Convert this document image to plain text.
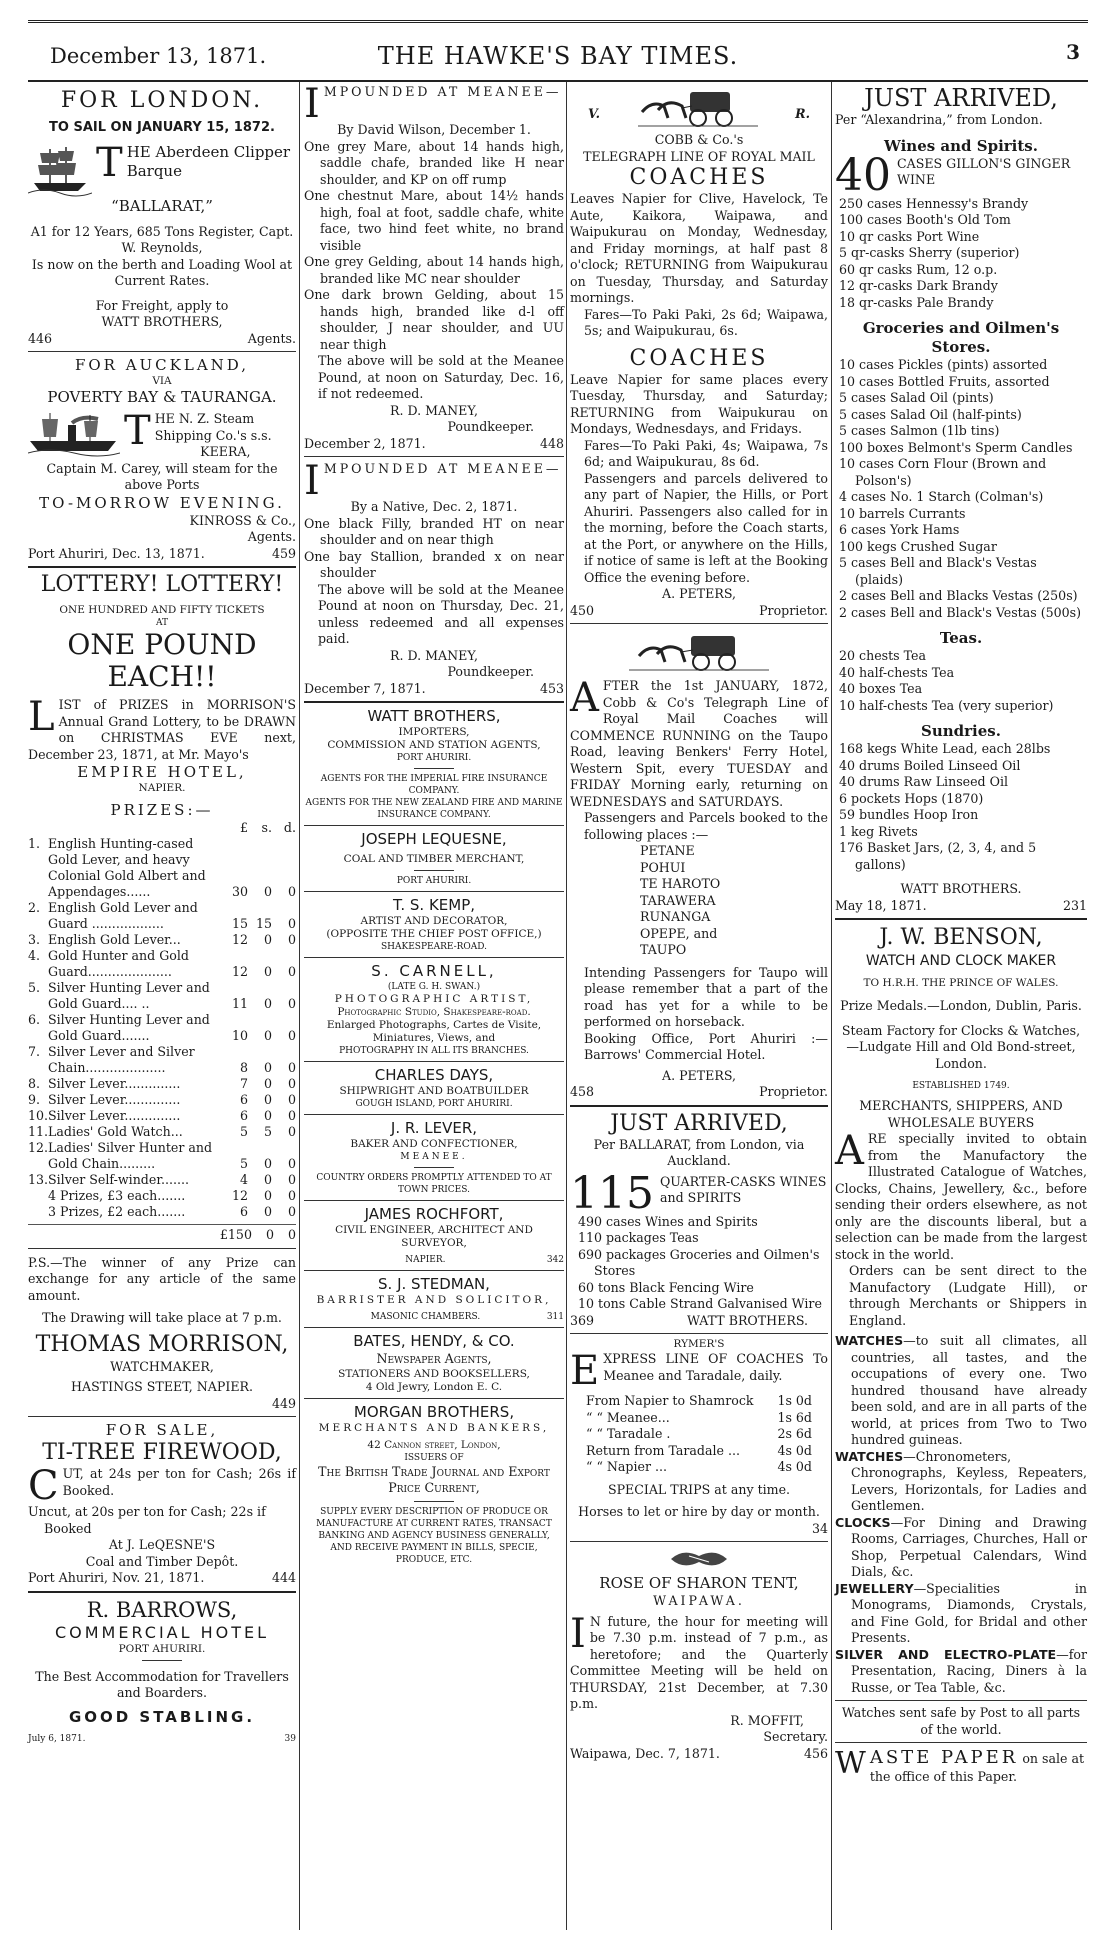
December 13, 1871.	THE HAWKE'S BAY TIMES.	3
FOR LONDON.
TO SAIL ON JANUARY 15, 1872.
T HE Aberdeen Clipper Barque
“BALLARAT,”
A1 for 12 Years, 685 Tons Register, Capt. W. Reynolds,
Is now on the berth and Loading Wool at Current Rates.
For Freight, apply to
WATT BROTHERS,
446	Agents.
FOR AUCKLAND,
VIA
POVERTY BAY & TAURANGA.
T HE N. Z. Steam Shipping Co.'s s.s.
KEERA,
Captain M. Carey, will steam for the above Ports
TO-MORROW EVENING.
KINROSS & Co.,
Agents.
Port Ahuriri, Dec. 13, 1871.	459
LOTTERY! LOTTERY!
ONE HUNDRED AND FIFTY TICKETS
AT
ONE POUND EACH!!
LIST of PRIZES in MORRISON'S Annual Grand Lottery, to be DRAWN on CHRISTMAS EVE next, December 23, 1871, at Mr. Mayo's
EMPIRE HOTEL,
NAPIER.
PRIZES:—
		£	s.	d.
1.	English Hunting-cased Gold Lever, and heavy Colonial Gold Albert and Appendages......	30	0	0
2.	English Gold Lever and Guard ..................	15	15	0
3.	English Gold Lever...	12	0	0
4.	Gold Hunter and Gold Guard.....................	12	0	0
5.	Silver Hunting Lever and Gold Guard.... ..	11	0	0
6.	Silver Hunting Lever and Gold Guard.......	10	0	0
7.	Silver Lever and Silver Chain....................	8	0	0
8.	Silver Lever..............	7	0	0
9.	Silver Lever..............	6	0	0
10.	Silver Lever..............	6	0	0
11.	Ladies' Gold Watch...	5	5	0
12.	Ladies' Silver Hunter and Gold Chain.........	5	0	0
13.	Silver Self-winder.......	4	0	0
	4 Prizes, £3 each.......	12	0	0
	3 Prizes, £2 each.......	6	0	0
£150 0 0
P.S.—The winner of any Prize can exchange for any article of the same amount.
The Drawing will take place at 7 p.m.
THOMAS MORRISON,
WATCHMAKER,
HASTINGS STEET, NAPIER.
449
FOR SALE,
TI-TREE FIREWOOD,
CUT, at 24s per ton for Cash; 26s if Booked.
Uncut, at 20s per ton for Cash; 22s if Booked
At J. LeQESNE'S
Coal and Timber Depôt.
Port Ahuriri, Nov. 21, 1871.	444
R. BARROWS,
COMMERCIAL HOTEL
PORT AHURIRI.
The Best Accommodation for Travellers and Boarders.
GOOD STABLING.
July 6, 1871.	39
IMPOUNDED AT MEANEE—
By David Wilson, December 1.
One grey Mare, about 14 hands high, saddle chafe, branded like H near shoulder, and KP on off rump
One chestnut Mare, about 14½ hands high, foal at foot, saddle chafe, white face, two hind feet white, no brand visible
One grey Gelding, about 14 hands high, branded like MC near shoulder
One dark brown Gelding, about 15 hands high, branded like d-l off shoulder, J near shoulder, and UU near thigh
The above will be sold at the Meanee Pound, at noon on Saturday, Dec. 16, if not redeemed.
R. D. MANEY,
Poundkeeper.
December 2, 1871.	448
IMPOUNDED AT MEANEE—
By a Native, Dec. 2, 1871.
One black Filly, branded HT on near shoulder and on near thigh
One bay Stallion, branded x on near shoulder
The above will be sold at the Meanee Pound at noon on Thursday, Dec. 21, unless redeemed and all expenses paid.
R. D. MANEY,
Poundkeeper.
December 7, 1871.	453
WATT BROTHERS,
IMPORTERS,
COMMISSION AND STATION AGENTS,
PORT AHURIRI.
AGENTS FOR THE IMPERIAL FIRE INSURANCE COMPANY.
AGENTS FOR THE NEW ZEALAND FIRE AND MARINE INSURANCE COMPANY.
JOSEPH LEQUESNE,
COAL AND TIMBER MERCHANT,
PORT AHURIRI.
T. S. KEMP,
ARTIST AND DECORATOR,
(OPPOSITE THE CHIEF POST OFFICE,)
SHAKESPEARE-ROAD.
S. CARNELL,
(LATE G. H. SWAN.)
PHOTOGRAPHIC ARTIST,
Photographic Studio, Shakespeare-road.
Enlarged Photographs, Cartes de Visite, Miniatures, Views, and
PHOTOGRAPHY IN ALL ITS BRANCHES.
CHARLES DAYS,
SHIPWRIGHT AND BOATBUILDER
GOUGH ISLAND, PORT AHURIRI.
J. R. LEVER,
BAKER AND CONFECTIONER,
MEANEE.
COUNTRY ORDERS PROMPTLY ATTENDED TO AT TOWN PRICES.
JAMES ROCHFORT,
CIVIL ENGINEER, ARCHITECT AND SURVEYOR,
NAPIER.	342
S. J. STEDMAN,
BARRISTER AND SOLICITOR,
MASONIC CHAMBERS.	311
BATES, HENDY, & CO.
Newspaper Agents,
STATIONERS AND BOOKSELLERS,
4 Old Jewry, London E. C.
MORGAN BROTHERS,
MERCHANTS AND BANKERS,
42 Cannon street, London,
ISSUERS OF
The British Trade Journal and Export Price Current,
SUPPLY EVERY DESCRIPTION OF PRODUCE OR MANUFACTURE AT CURRENT RATES, TRANSACT BANKING AND AGENCY BUSINESS GENERALLY,
AND RECEIVE PAYMENT IN BILLS, SPECIE, PRODUCE, ETC.
V.	R.
COBB & Co.'s
TELEGRAPH LINE OF ROYAL MAIL
COACHES
Leaves Napier for Clive, Havelock, Te Aute, Kaikora, Waipawa, and Waipukurau on Monday, Wednesday, and Friday mornings, at half past 8 o'clock; RETURNING from Waipukurau on Tuesday, Thursday, and Saturday mornings.
Fares—To Paki Paki, 2s 6d; Waipawa, 5s; and Waipukurau, 6s.
COACHES
Leave Napier for same places every Tuesday, Thursday, and Saturday; RETURNING from Waipukurau on Mondays, Wednesdays, and Fridays.
Fares—To Paki Paki, 4s; Waipawa, 7s 6d; and Waipukurau, 8s 6d.
Passengers and parcels delivered to any part of Napier, the Hills, or Port Ahuriri. Passengers also called for in the morning, before the Coach starts, at the Port, or anywhere on the Hills, if notice of same is left at the Booking Office the evening before.
A. PETERS,
450	Proprietor.
AFTER the 1st JANUARY, 1872, Cobb & Co's Telegraph Line of Royal Mail Coaches will COMMENCE RUNNING on the Taupo Road, leaving Benkers' Ferry Hotel, Western Spit, every TUESDAY and FRIDAY Morning early, returning on WEDNESDAYS and SATURDAYS.
Passengers and Parcels booked to the following places :—
PETANE
POHUI
TE HAROTO
TARAWERA
RUNANGA
OPEPE, and
TAUPO
Intending Passengers for Taupo will please remember that a part of the road has yet for a while to be performed on horseback.
Booking Office, Port Ahuriri :—Barrows' Commercial Hotel.
A. PETERS,
458	Proprietor.
JUST ARRIVED,
Per BALLARAT, from London, via Auckland.
115 QUARTER-CASKS WINES and SPIRITS
490 cases Wines and Spirits
110 packages Teas
690 packages Groceries and Oilmen's Stores
60 tons Black Fencing Wire
10 tons Cable Strand Galvanised Wire
369	WATT BROTHERS.
RYMER'S
EXPRESS LINE OF COACHES To Meanee and Taradale, daily.
From Napier to Shamrock 1s 0d
“ “ Meanee...	1s 6d
“ “ Taradale .	2s 6d
Return from Taradale ...	4s 0d
“ “ Napier ...	4s 0d
SPECIAL TRIPS at any time.
Horses to let or hire by day or month.
34
ROSE OF SHARON TENT,
WAIPAWA.
I N future, the hour for meeting will be 7.30 p.m. instead of 7 p.m., as heretofore; and the Quarterly Committee Meeting will be held on THURSDAY, 21st December, at 7.30 p.m.
R. MOFFIT,
Secretary.
Waipawa, Dec. 7, 1871.	456
JUST ARRIVED,
Per “Alexandrina,” from London.
Wines and Spirits.
40 CASES GILLON'S GINGER WINE
250 cases Hennessy's Brandy
100 cases Booth's Old Tom
10 qr casks Port Wine
5 qr-casks Sherry (superior)
60 qr casks Rum, 12 o.p.
12 qr-casks Dark Brandy
18 qr-casks Pale Brandy
Groceries and Oilmen's Stores.
10 cases Pickles (pints) assorted
10 cases Bottled Fruits, assorted
5 cases Salad Oil (pints)
5 cases Salad Oil (half-pints)
5 cases Salmon (1lb tins)
100 boxes Belmont's Sperm Candles
10 cases Corn Flour (Brown and Polson's)
4 cases No. 1 Starch (Colman's)
10 barrels Currants
6 cases York Hams
100 kegs Crushed Sugar
5 cases Bell and Black's Vestas (plaids)
2 cases Bell and Blacks Vestas (250s)
2 cases Bell and Black's Vestas (500s)
Teas.
20 chests Tea
40 half-chests Tea
40 boxes Tea
10 half-chests Tea (very superior)
Sundries.
168 kegs White Lead, each 28lbs
40 drums Boiled Linseed Oil
40 drums Raw Linseed Oil
6 pockets Hops (1870)
59 bundles Hoop Iron
1 keg Rivets
176 Basket Jars, (2, 3, 4, and 5 gallons)
WATT BROTHERS.
May 18, 1871.	231
J. W. BENSON,
WATCH AND CLOCK MAKER
TO H.R.H. THE PRINCE OF WALES.
Prize Medals.—London, Dublin, Paris.
Steam Factory for Clocks & Watches, —Ludgate Hill and Old Bond-street, London.
ESTABLISHED 1749.
MERCHANTS, SHIPPERS, AND WHOLESALE BUYERS
ARE specially invited to obtain from the Manufactory the Illustrated Catalogue of Watches, Clocks, Chains, Jewellery, &c., before sending their orders elsewhere, as not only are the discounts liberal, but a selection can be made from the largest stock in the world.
Orders can be sent direct to the Manufactory (Ludgate Hill), or through Merchants or Shippers in England.
WATCHES—to suit all climates, all countries, all tastes, and the occupations of every one. Two hundred thousand have already been sold, and are in all parts of the world, at prices from Two to Two hundred guineas.
WATCHES—Chronometers, Chronographs, Keyless, Repeaters, Levers, Horizontals, for Ladies and Gentlemen.
CLOCKS—For Dining and Drawing Rooms, Carriages, Churches, Hall or Shop, Perpetual Calendars, Wind Dials, &c.
JEWELLERY—Specialities in Monograms, Diamonds, Crystals, and Fine Gold, for Bridal and other Presents.
SILVER AND ELECTRO-PLATE—for Presentation, Racing, Diners à la Russe, or Tea Table, &c.
Watches sent safe by Post to all parts of the world.
W ASTE PAPER on sale at the office of this Paper.
